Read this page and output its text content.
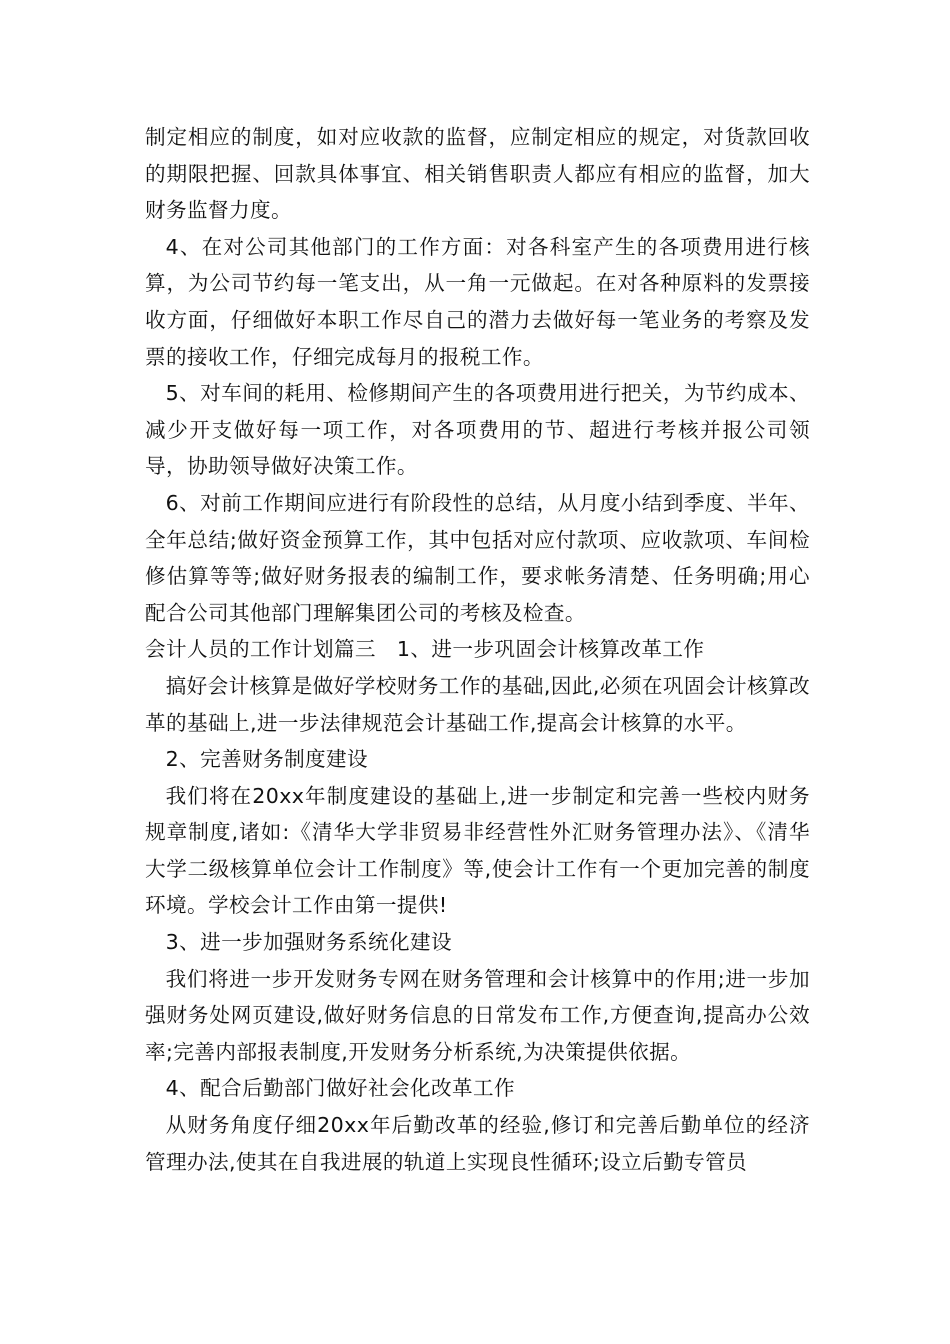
制定相应的制度，如对应收款的监督，应制定相应的规定，对货款回收的期限把握、回款具体事宜、相关销售职责人都应有相应的监督，加大财务监督力度。

4、在对公司其他部门的工作方面：对各科室产生的各项费用进行核算，为公司节约每一笔支出，从一角一元做起。在对各种原料的发票接收方面，仔细做好本职工作尽自己的潜力去做好每一笔业务的考察及发票的接收工作，仔细完成每月的报税工作。

5、对车间的耗用、检修期间产生的各项费用进行把关，为节约成本、减少开支做好每一项工作，对各项费用的节、超进行考核并报公司领导，协助领导做好决策工作。

6、对前工作期间应进行有阶段性的总结，从月度小结到季度、半年、全年总结;做好资金预算工作，其中包括对应付款项、应收款项、车间检修估算等等;做好财务报表的编制工作，要求帐务清楚、任务明确;用心配合公司其他部门理解集团公司的考核及检查。

会计人员的工作计划篇三　1、进一步巩固会计核算改革工作

搞好会计核算是做好学校财务工作的基础,因此,必须在巩固会计核算改革的基础上,进一步法律规范会计基础工作,提高会计核算的水平。

2、完善财务制度建设

我们将在20xx年制度建设的基础上,进一步制定和完善一些校内财务规章制度,诸如:《清华大学非贸易非经营性外汇财务管理办法》、《清华大学二级核算单位会计工作制度》等,使会计工作有一个更加完善的制度环境。学校会计工作由第一提供!

3、进一步加强财务系统化建设

我们将进一步开发财务专网在财务管理和会计核算中的作用;进一步加强财务处网页建设,做好财务信息的日常发布工作,方便查询,提高办公效率;完善内部报表制度,开发财务分析系统,为决策提供依据。

4、配合后勤部门做好社会化改革工作

从财务角度仔细20xx年后勤改革的经验,修订和完善后勤单位的经济管理办法,使其在自我进展的轨道上实现良性循环;设立后勤专管员
